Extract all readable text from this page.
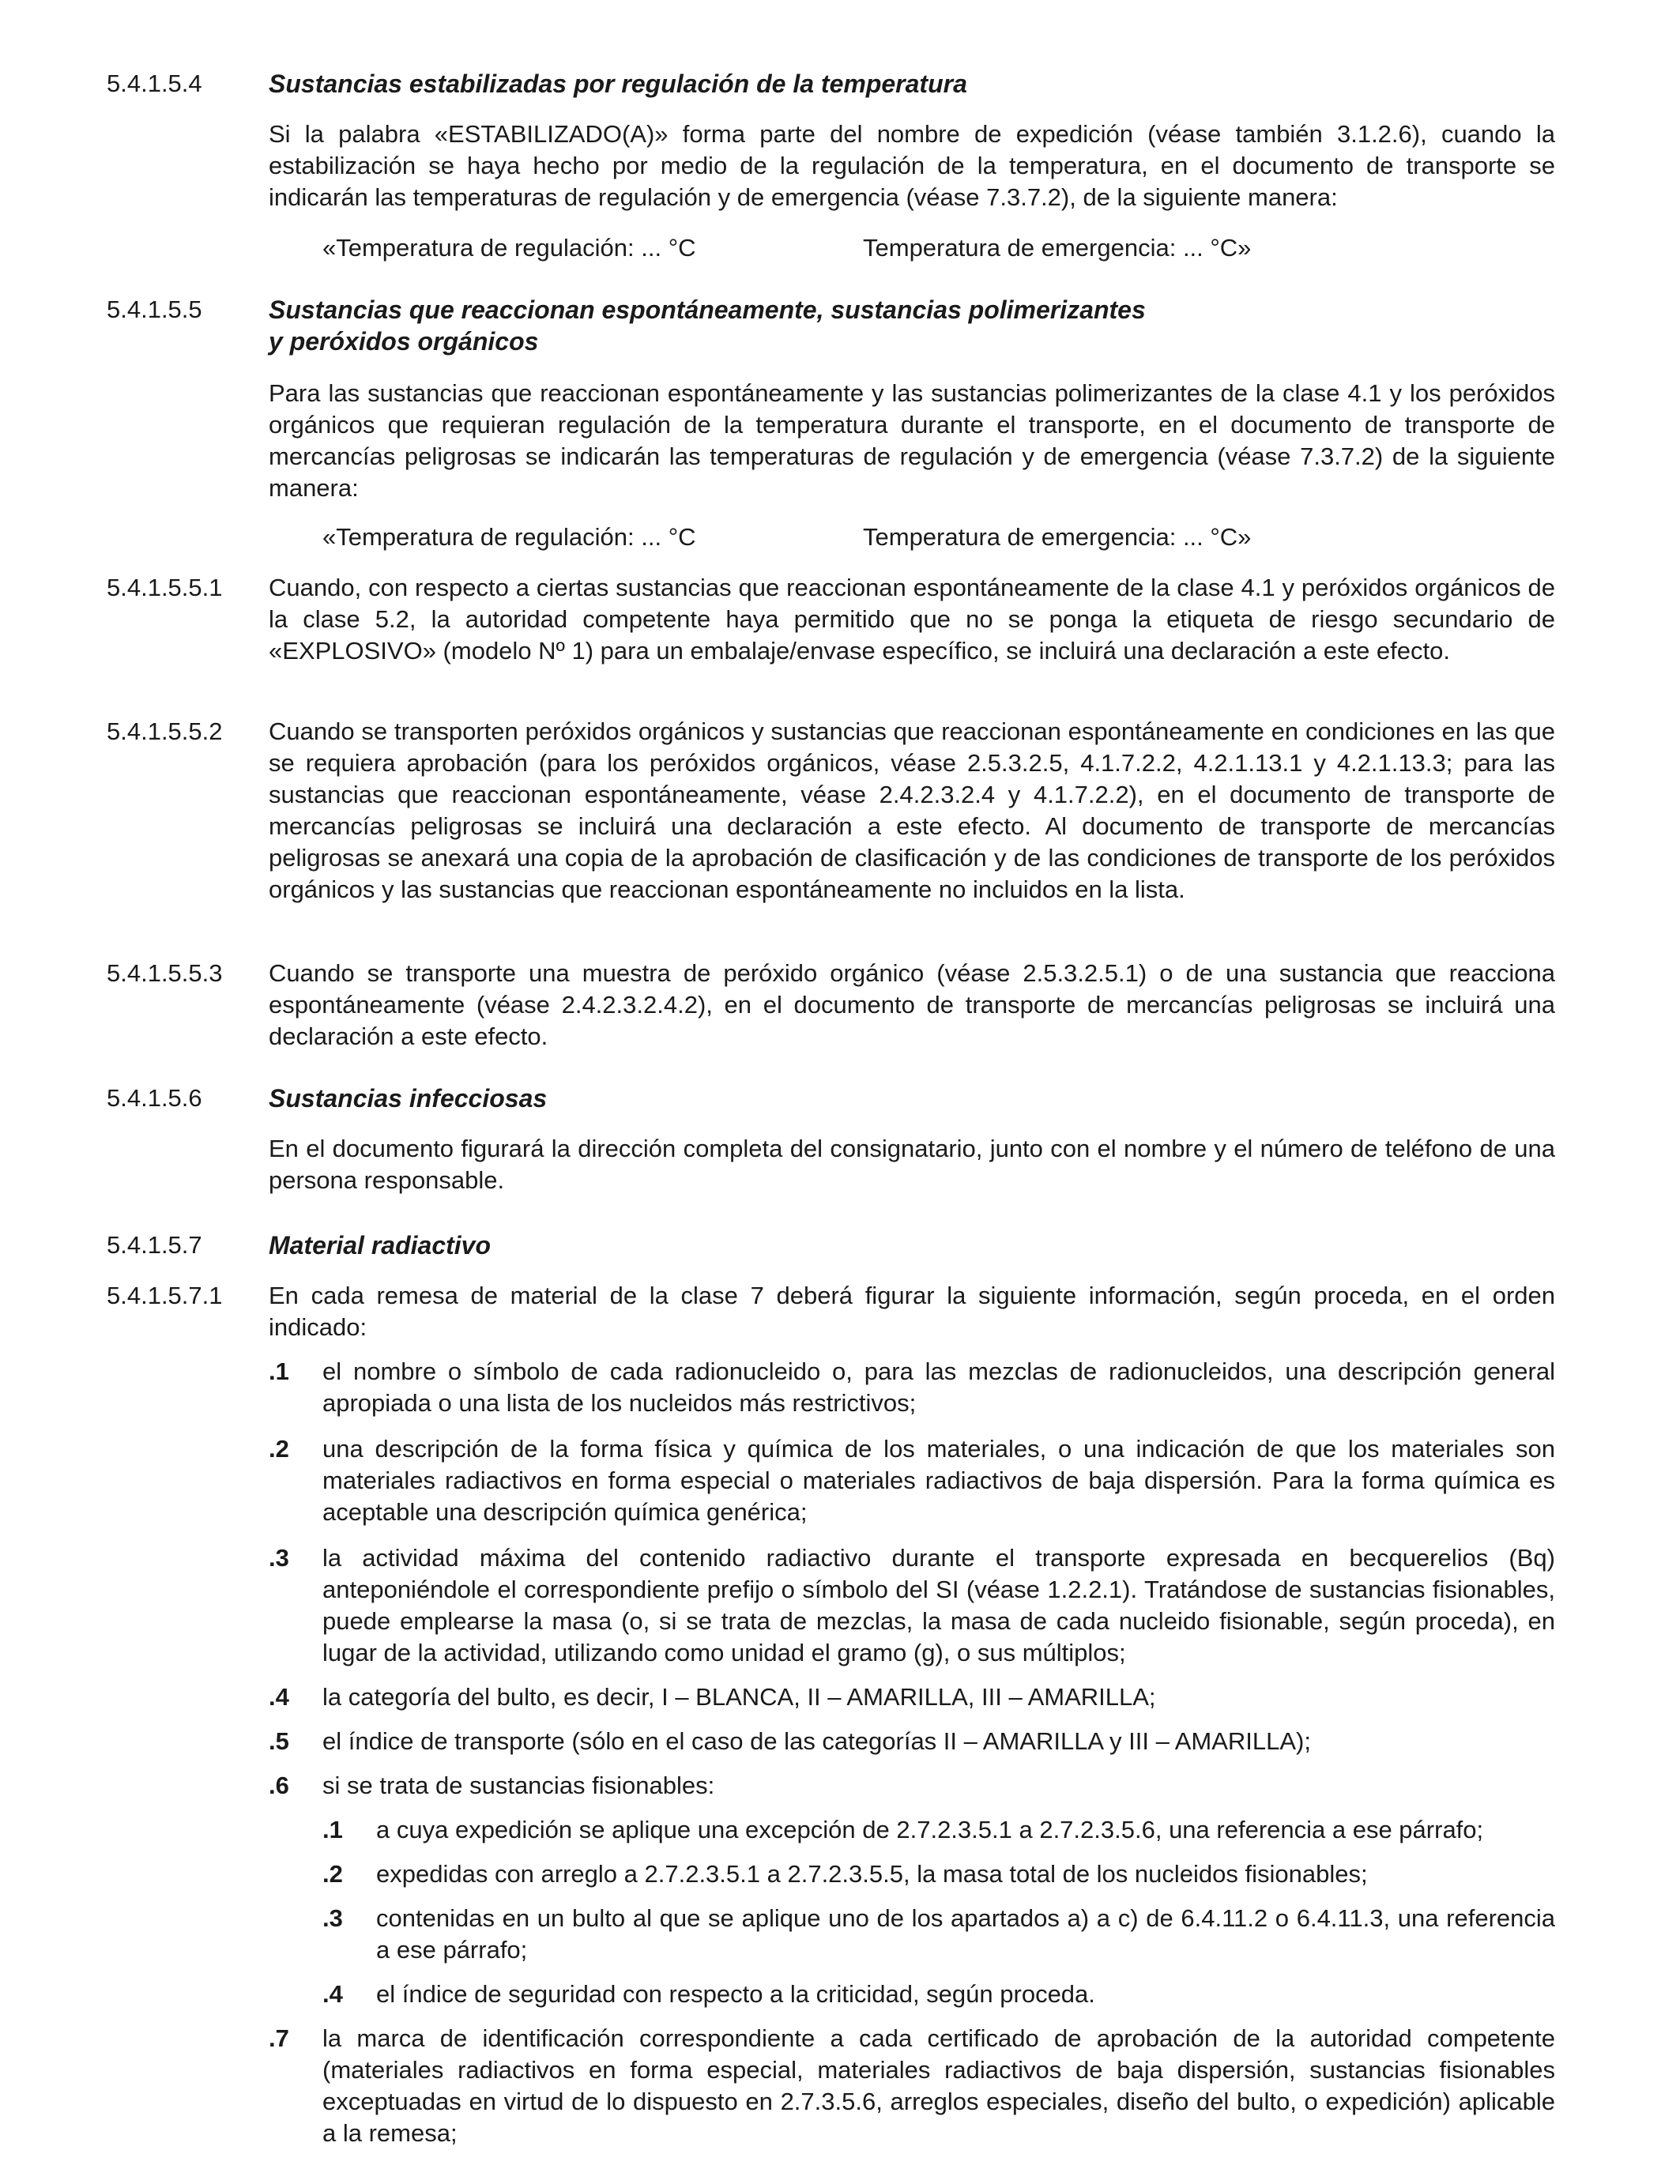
5.4.1.5.4	Sustancias estabilizadas por regulación de la temperatura

Si la palabra «ESTABILIZADO(A)» forma parte del nombre de expedición (véase también 3.1.2.6), cuando la estabilización se haya hecho por medio de la regulación de la temperatura, en el documento de transporte se indicarán las temperaturas de regulación y de emergencia (véase 7.3.7.2), de la siguiente manera:

«Temperatura de regulación: ... °C	Temperatura de emergencia: ... °C»
5.4.1.5.5	Sustancias que reaccionan espontáneamente, sustancias polimerizantes
y peróxidos orgánicos

Para las sustancias que reaccionan espontáneamente y las sustancias polimerizantes de la clase 4.1 y los peróxidos orgánicos que requieran regulación de la temperatura durante el transporte, en el documento de transporte de mercancías peligrosas se indicarán las temperaturas de regulación y de emergencia (véase 7.3.7.2) de la siguiente manera:

«Temperatura de regulación: ... °C	Temperatura de emergencia: ... °C»
5.4.1.5.5.1 Cuando, con respecto a ciertas sustancias que reaccionan espontáneamente de la clase 4.1 y peróxidos orgánicos de la clase 5.2, la autoridad competente haya permitido que no se ponga la etiqueta de riesgo secundario de «EXPLOSIVO» (modelo Nº 1) para un embalaje/envase específico, se incluirá una declaración a este efecto.

5.4.1.5.5.2 Cuando se transporten peróxidos orgánicos y sustancias que reaccionan espontáneamente en condiciones en las que se requiera aprobación (para los peróxidos orgánicos, véase 2.5.3.2.5, 4.1.7.2.2, 4.2.1.13.1 y 4.2.1.13.3; para las sustancias que reaccionan espontáneamente, véase 2.4.2.3.2.4 y 4.1.7.2.2), en el documento de transporte de mercancías peligrosas se incluirá una declaración a este efecto. Al documento de transporte de mercancías peligrosas se anexará una copia de la aprobación de clasificación y de las condiciones de transporte de los peróxidos orgánicos y las sustancias que reaccionan espontáneamente no incluidos en la lista.

5.4.1.5.5.3 Cuando se transporte una muestra de peróxido orgánico (véase 2.5.3.2.5.1) o de una sustancia que reacciona espontáneamente (véase 2.4.2.3.2.4.2), en el documento de transporte de mercancías peligrosas se incluirá una declaración a este efecto.

5.4.1.5.6	Sustancias infecciosas

En el documento figurará la dirección completa del consignatario, junto con el nombre y el número de teléfono de una persona responsable.

5.4.1.5.7	Material radiactivo
5.4.1.5.7.1 En cada remesa de material de la clase 7 deberá figurar la siguiente información, según proceda, en el orden indicado:

.1 el nombre o símbolo de cada radionucleido o, para las mezclas de radionucleidos, una descripción general apropiada o una lista de los nucleidos más restrictivos;
.2 una descripción de la forma física y química de los materiales, o una indicación de que los materiales son materiales radiactivos en forma especial o materiales radiactivos de baja dispersión. Para la forma química es aceptable una descripción química genérica;
.3 la actividad máxima del contenido radiactivo durante el transporte expresada en becquerelios (Bq) anteponiéndole el correspondiente prefijo o símbolo del SI (véase 1.2.2.1). Tratándose de sustancias fisionables, puede emplearse la masa (o, si se trata de mezclas, la masa de cada nucleido fisionable, según proceda), en lugar de la actividad, utilizando como unidad el gramo (g), o sus múltiplos;
.4 la categoría del bulto, es decir, I – BLANCA, II – AMARILLA, III – AMARILLA;
.5 el índice de transporte (sólo en el caso de las categorías II – AMARILLA y III – AMARILLA);
.6 si se trata de sustancias fisionables:
.1 a cuya expedición se aplique una excepción de 2.7.2.3.5.1 a 2.7.2.3.5.6, una referencia a ese párrafo;
.2 expedidas con arreglo a 2.7.2.3.5.1 a 2.7.2.3.5.5, la masa total de los nucleidos fisionables;
.3 contenidas en un bulto al que se aplique uno de los apartados a) a c) de 6.4.11.2 o 6.4.11.3, una referencia a ese párrafo;
.4 el índice de seguridad con respecto a la criticidad, según proceda.
.7 la marca de identificación correspondiente a cada certificado de aprobación de la autoridad competente (materiales radiactivos en forma especial, materiales radiactivos de baja dispersión, sustancias fisionables exceptuadas en virtud de lo dispuesto en 2.7.3.5.6, arreglos especiales, diseño del bulto, o expedición) aplicable a la remesa;
